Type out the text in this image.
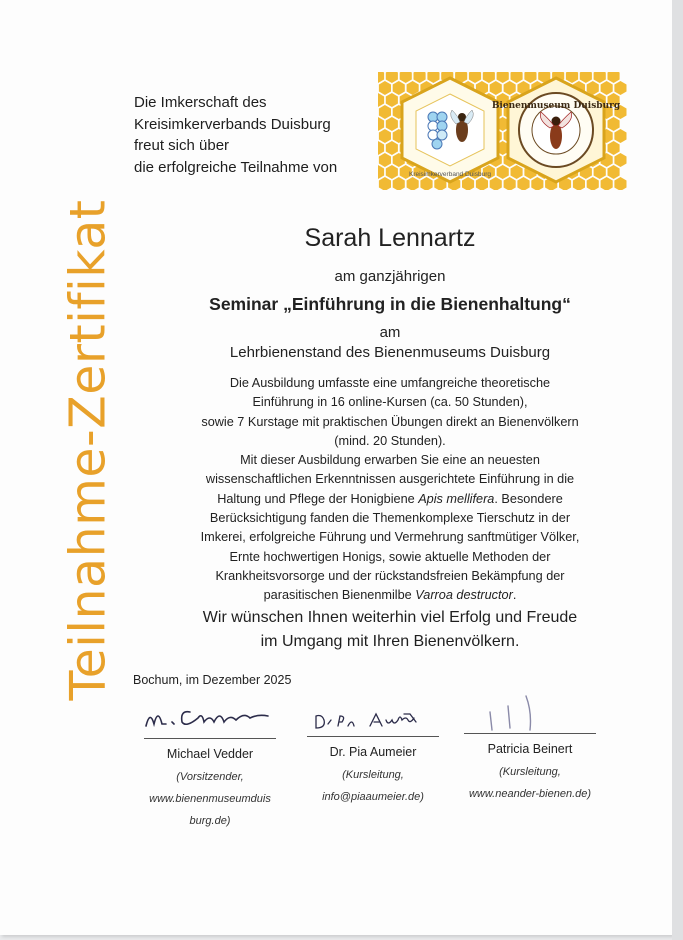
Teilnahme-Zertifikat
Die Imkerschaft des
Kreisimkerverbands Duisburg
freut sich über
die erfolgreiche Teilnahme von	Kreisimkerverband Duisburg
Bienenmuseum Duisburg
Sarah Lennartz
am ganzjährigen
Seminar „Einführung in die Bienenhaltung“
am
Lehrbienenstand des Bienenmuseums Duisburg
Die Ausbildung umfasste eine umfangreiche theoretische
Einführung in 16 online-Kursen (ca. 50 Stunden),
sowie 7 Kurstage mit praktischen Übungen direkt an Bienenvölkern
(mind. 20 Stunden).
Mit dieser Ausbildung erwarben Sie eine an neuesten
wissenschaftlichen Erkenntnissen ausgerichtete Einführung in die
Haltung und Pflege der Honigbiene Apis mellifera. Besondere
Berücksichtigung fanden die Themenkomplexe Tierschutz in der
Imkerei, erfolgreiche Führung und Vermehrung sanftmütiger Völker,
Ernte hochwertigen Honigs, sowie aktuelle Methoden der
Krankheitsvorsorge und der rückstandsfreien Bekämpfung der
parasitischen Bienenmilbe Varroa destructor.
Wir wünschen Ihnen weiterhin viel Erfolg und Freude
im Umgang mit Ihren Bienenvölkern.
Bochum, im Dezember 2025
Michael Vedder
(Vorsitzender,
www.bienenmuseumduis
burg.de)
Dr. Pia Aumeier
(Kursleitung,
info@piaaumeier.de)
Patricia Beinert
(Kursleitung,
www.neander-bienen.de)
